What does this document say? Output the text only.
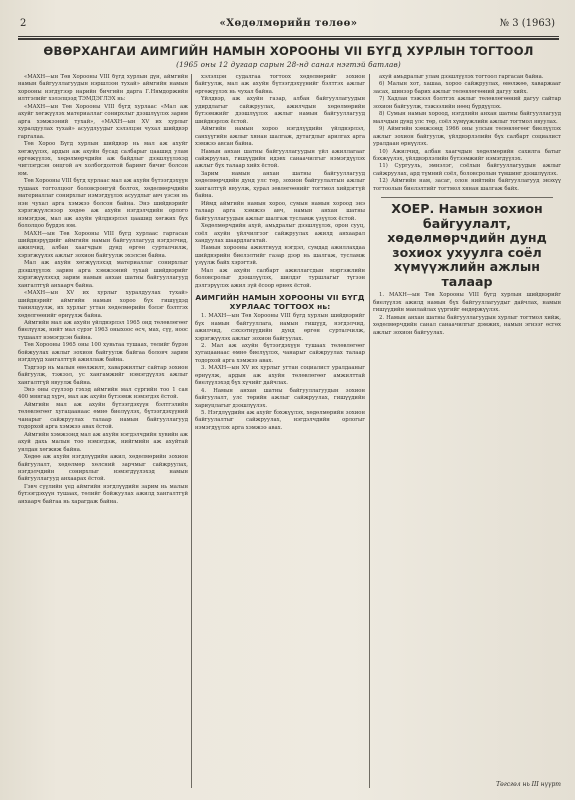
2	«Хөдөлмөрийн төлөө»	№ 3 (1963)
ӨВӨРХАНГАИ АИМГИЙН НАМЫН ХОРООНЫ VII БҮГД ХУРЛЫН ТОГТООЛ
(1965 оны 12 дугаар сарын 28-нд санал нэгтэй батлав)

«МАХН—ын Төв Хорооны VIII бүгд хурлын дүн, аймгийн намын байгууллагуудын нэршлээн тухай» аймгийн намын хорооны нэгдүгээр нарийн бичгийн дарга Г.Нямдоржийн илтгэлийг хэлэлцээд ТЭМДЭГЛЭХ нь:

«МАХН—ын Төв Хорооны VIII бүгд хурлаас «Мал аж ахуйг хөгжүүлэх материаллаг сонирхлыг дээшлүүлэх зарим арга хэмжээний тухай», «МАХН—ын XV их хурлыг хуралдуулах тухай» асуудлуудыг хэлэлцэн чухал шийдвэр гаргалаа.

Төв Хороо Бүгд хурлын шийдвэр нь мал аж ахуйг хөгжүүлэх, ардын аж ахуйн бусад салбарыг цаашид улам өргөжүүлэх, хөдөлмөрчдийн аж байдлыг дээшлүүлэхэд чиглэгдсэн онцгой ач холбогдолтой баримт бичиг болсон юм.

Төв Хорооны VIII бүгд хурлаас мал аж ахуйн бүтээгдэхүүн тушаах тогтолцоог боловсронгуй болгох, хөдөлмөрчдийн материаллаг сонирхлыг нэмэгдүүлэх асуудлыг авч үзсэн нь нэн чухал арга хэмжээ болсон байна. Энэ шийдвэрийг хэрэгжүүлснээр хөдөө аж ахуйн нэгдэлчдийн орлого нэмэгдэж, мал аж ахуйн үйлдвэрлэл цаашид хөгжих бүх бололцоо бүрдэх юм.

МАХН—ын Төв Хорооны VIII бүгд хурлаас гаргасан шийдвэрүүдийг аймгийн намын байгууллагууд нэгдэлчид, ажилчид, албан хаагчдын дунд өргөн сурталчилж, хэрэгжүүлэх ажлыг зохион байгуулж эхэлсэн байна.

Мал аж ахуйн хөгжүүлэхэд материаллаг сонирхлыг дээшлүүлэх зарим арга хэмжээний тухай шийдвэрийг хэрэгжүүлэхэд зарим намын анхан шатны байгууллагууд хангалтгүй анхаарч байна.

«МАХН—ын XV их хурлыг хуралдуулах тухай» шийдвэрийг аймгийн намын хороо бүх гишүүдэд танилцуулж, их хурлыг угтан хөдөлмөрийн бэлэг бэлтгэх хөдөлгөөнийг өрнүүлж байна.

Аймгийн мал аж ахуйн үйлдвэрлэл 1965 онд төлөвлөгөөг биелүүлж, нийт мал сүрэг 1963 оныхоос өсч, мах, сүү, ноос тушаалт нэмэгдсэн байна.

Төв Хорооны 1965 оны 100 хувьтаа тушаах, төлийг бүрэн бойжуулах ажлыг зохион байгуулж байгаа боловч зарим нэгдлүүд хангалтгүй ажиллаж байна.

Тэдгээр нь малын өвөлжилт, хаваржилтыг сайтар зохион байгуулж, тэжээл, ус хангамжийг нэмэгдүүлэх ажлыг хангалтгүй явуулж байна.

Энэ оны сүүлээр гэхэд аймгийн мал сүргийн тоо 1 сая 400 мянгад хүрч, мал аж ахуйн бүтээмж нэмэгдэх ёстой.

Аймгийн мал аж ахуйн бүтээгдэхүүн бэлтгэлийн төлөвлөгөөг хугацаанаас өмнө биелүүлэх, бүтээгдэхүүний чанарыг сайжруулах талаар намын байгууллагууд тодорхой арга хэмжээ авах ёстой.

Аймгийн хэмжээнд мал аж ахуйн нэгдэлчдийн хувийн аж ахуй дахь малын тоо нэмэгдэж, нийгмийн аж ахуйтай уялдан хөгжиж байна.

Хөдөө аж ахуйн нэгдлүүдийн ажил, хөдөлмөрийн зохион байгуулалт, хөдөлмөр хөлсний зарчмыг сайжруулах, нэгдэлчдийн сонирхлыг нэмэгдүүлэхэд намын байгууллагууд анхаарах ёстой.

Гэвч сүүлийн үед аймгийн нэгдлүүдийн зарим нь малын бүтээгдэхүүн тушаах, төлийг бойжуулах ажилд хангалтгүй анхаарч байгаа нь харагдаж байна.

хэлэлцэн судалгаа тогтоох хөдөлмөрийг зохион байгуулж, мал аж ахуйн бүтээгдэхүүнийг бэлтгэх ажлыг өргөжүүлэх нь чухал байна.

Үйлдвэр, аж ахуйн газар, албан байгууллагуудын удирдлагыг сайжруулах, ажилчдын хөдөлмөрийн бүтээмжийг дээшлүүлэх ажлыг намын байгууллагууд шийдвэрлэх ёстой.

Аймгийн намын хороо нэгдлүүдийн үйлдвэрлэл, санхүүгийн ажлыг хянан шалгаж, дутагдлыг арилгах арга хэмжээ авсан байна.

Намын анхан шатны байгууллагуудын үйл ажиллагааг сайжруулах, гишүүдийн идэвх санаачилгыг нэмэгдүүлэх ажлыг бүх талаар хийх ёстой.

Зарим намын анхан шатны байгууллагууд хөдөлмөрчдийн дунд улс төр, зохион байгуулалтын ажлыг хангалтгүй явуулж, хурал зөвлөгөөнийг тогтмол хийдэггүй байна.

Иймд аймгийн намын хороо, сумын намын хороод энэ талаар арга хэмжээ авч, намын анхан шатны байгууллагуудын ажлыг шалгаж тусламж үзүүлэх ёстой.

Хөдөлмөрчдийн ахуй, амьдралыг дээшлүүлэх, орон сууц, соёл ахуйн үйлчилгээг сайжруулах ажилд анхаарал хандуулах шаардлагатай.

Намын хорооны ажилтнууд нэгдэл, сумдад ажиллахдаа шийдвэрийн биелэлтийг газар дээр нь шалгаж, тусламж үзүүлж байх хэрэгтэй.

Мал аж ахуйн салбарт ажиллагсдын мэргэжлийн боловсролыг дээшлүүлэх, шилдэг туршлагыг түгээн дэлгэрүүлэх ажил зүй ёсоор өрнөх ёстой.

АИМГИЙН НАМЫН ХОРООНЫ VII БҮГД ХУРЛААС ТОГТООХ нь:

1. МАХН—ын Төв Хорооны VIII бүгд хурлын шийдвэрийг бүх намын байгууллага, намын гишүүд, нэгдэлчид, ажилчид, сэхээтнүүдийн дунд өргөн сурталчилж, хэрэгжүүлэх ажлыг зохион байгуулах.

2. Мал аж ахуйн бүтээгдэхүүн тушаах төлөвлөгөөг хугацаанаас өмнө биелүүлэх, чанарыг сайжруулах талаар тодорхой арга хэмжээ авах.

3. МАХН—ын XV их хурлыг угтан социалист уралдааныг өрнүүлж, ардын аж ахуйн төлөвлөгөөг амжилттай биелүүлэхэд бүх хүчийг дайчлах.

4. Намын анхан шатны байгууллагуудын зохион байгуулалт, улс төрийн ажлыг сайжруулах, гишүүдийн хариуцлагыг дээшлүүлэх.

5. Нэгдлүүдийн аж ахуйг бэхжүүлэх, хөдөлмөрийн зохион байгуулалтыг сайжруулах, нэгдэлчдийн орлогыг нэмэгдүүлэх арга хэмжээ авах.

ахуй амьдралыг улам дээшлүүлэх тогтоол гаргасан байна.

6) Малын хот, хашаа, хороо сайжруулах, өвөлжөө, хаваржааг засах, шинээр барих ажлыг төлөвлөгөөний дагуу хийх.

7) Хадлан тэжээл бэлтгэх ажлыг төлөвлөгөөний дагуу сайтар зохион байгуулж, тэжээлийн нөөц бүрдүүлэх.

8) Сумын намын хороод, нэгдлийн анхан шатны байгууллагууд малчдын дунд улс төр, соёл хүмүүжлийн ажлыг тогтмол явуулах.

9) Аймгийн хэмжээнд 1966 оны улсын төлөвлөгөөг биелүүлэх ажлыг зохион байгуулж, үйлдвэрлэлийн бүх салбарт социалист уралдаан өрнүүлэх.

10) Ажилчид, албан хаагчдын хөдөлмөрийн сахилга батыг бэхжүүлэх, үйлдвэрлэлийн бүтээмжийг нэмэгдүүлэх.

11) Сургууль, эмнэлэг, соёлын байгууллагуудын ажлыг сайжруулах, ард түмний соёл, боловсролын түвшинг дээшлүүлэх.

12) Аймгийн нам, засаг, олон нийтийн байгууллагууд энэхүү тогтоолын биелэлтийг тогтмол хянан шалгаж байх.

ХОЕР. Намын зохион байгуулалт, хөдөлмөрчдийн дунд зохиох ухуулга соёл хүмүүжлийн ажлын талаар

1. МАХН—ын Төв Хорооны VIII бүгд хурлын шийдвэрийг биелүүлэх ажилд намын бүх байгууллагуудыг дайчлах, намын гишүүдийн манлайлах үүргийг өндөржүүлэх.

2. Намын анхан шатны байгууллагуудын хурлыг тогтмол хийж, хөдөлмөрчдийн санал санаачилгыг дэмжих, намын эгнээг өсгөх ажлыг зохион байгуулах.

Төгсгөл нь III нүүрт
